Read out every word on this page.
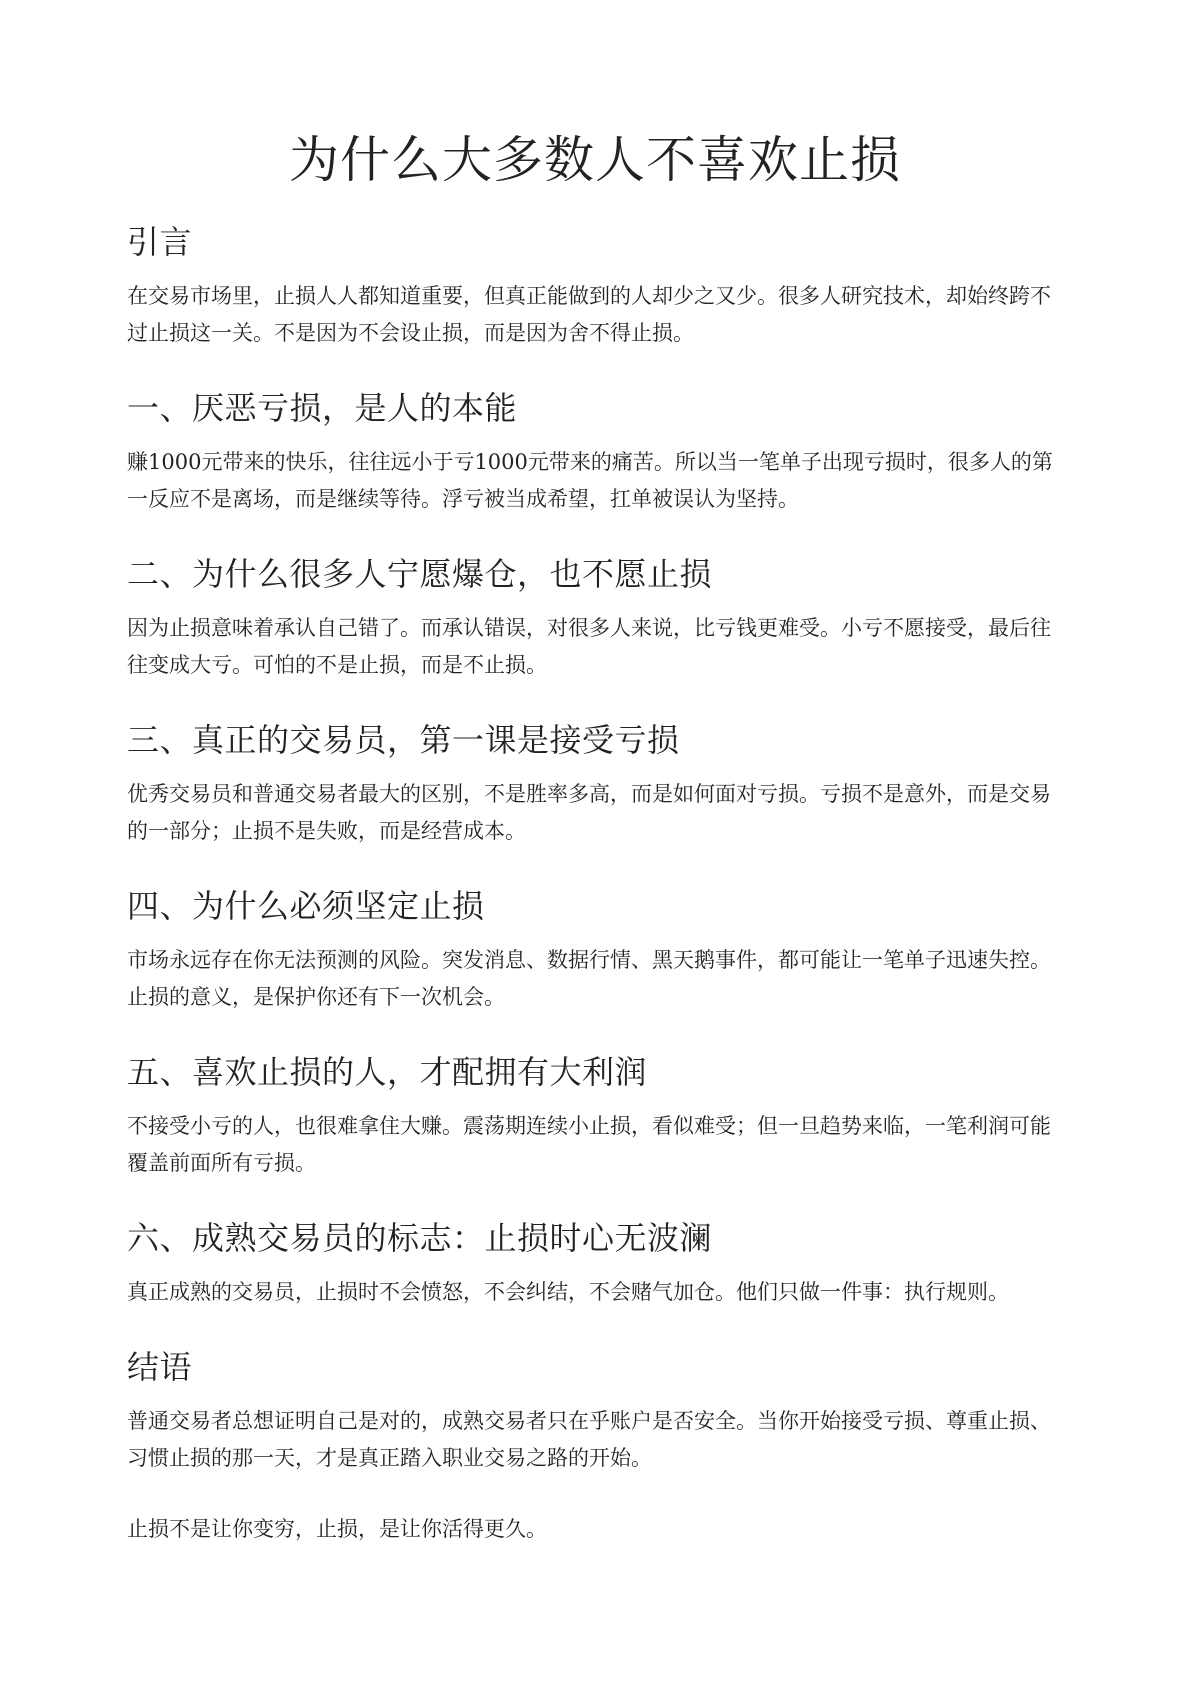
为什么大多数人不喜欢止损
引言

在交易市场里，止损人人都知道重要，但真正能做到的人却少之又少。很多人研究技术，却始终跨不过止损这一关。不是因为不会设止损，而是因为舍不得止损。

一、厌恶亏损，是人的本能

赚1000元带来的快乐，往往远小于亏1000元带来的痛苦。所以当一笔单子出现亏损时，很多人的第一反应不是离场，而是继续等待。浮亏被当成希望，扛单被误认为坚持。

二、为什么很多人宁愿爆仓，也不愿止损

因为止损意味着承认自己错了。而承认错误，对很多人来说，比亏钱更难受。小亏不愿接受，最后往往变成大亏。可怕的不是止损，而是不止损。

三、真正的交易员，第一课是接受亏损

优秀交易员和普通交易者最大的区别，不是胜率多高，而是如何面对亏损。亏损不是意外，而是交易的一部分；止损不是失败，而是经营成本。

四、为什么必须坚定止损

市场永远存在你无法预测的风险。突发消息、数据行情、黑天鹅事件，都可能让一笔单子迅速失控。止损的意义，是保护你还有下一次机会。

五、喜欢止损的人，才配拥有大利润

不接受小亏的人，也很难拿住大赚。震荡期连续小止损，看似难受；但一旦趋势来临，一笔利润可能覆盖前面所有亏损。

六、成熟交易员的标志：止损时心无波澜

真正成熟的交易员，止损时不会愤怒，不会纠结，不会赌气加仓。他们只做一件事：执行规则。

结语

普通交易者总想证明自己是对的，成熟交易者只在乎账户是否安全。当你开始接受亏损、尊重止损、习惯止损的那一天，才是真正踏入职业交易之路的开始。

止损不是让你变穷，止损，是让你活得更久。
